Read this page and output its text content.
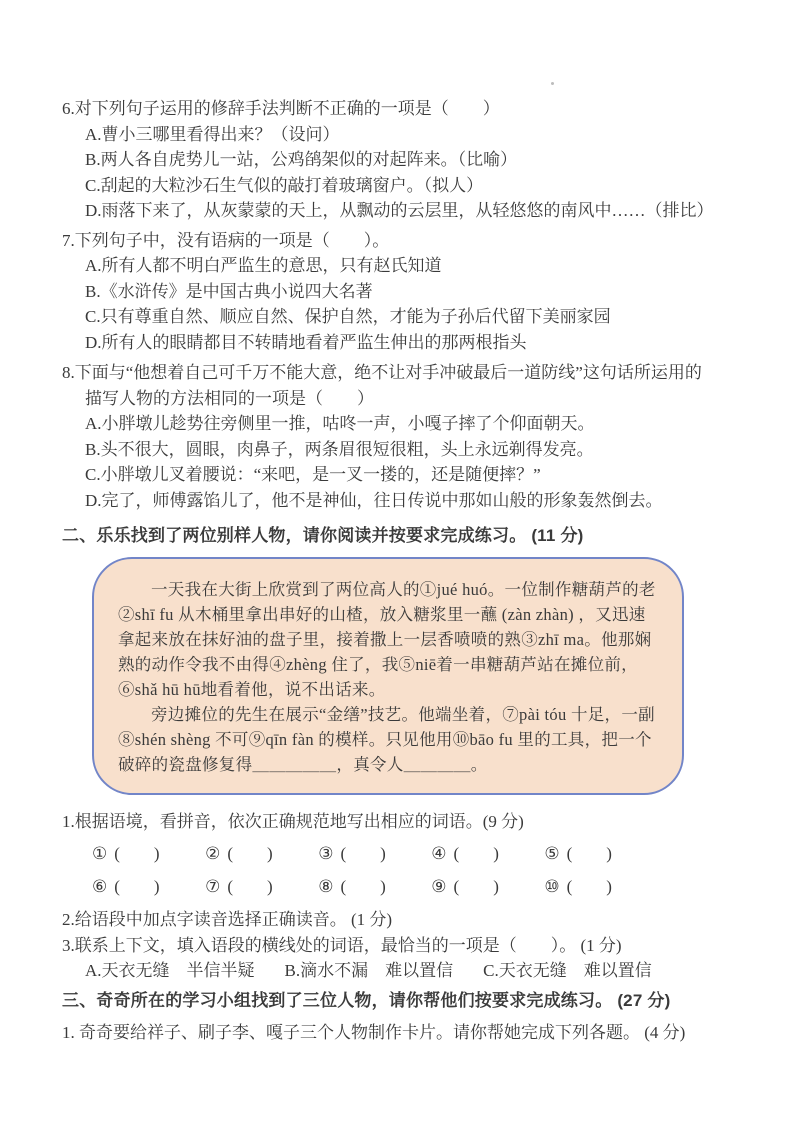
6.对下列句子运用的修辞手法判断不正确的一项是（　　）

A.曹小三哪里看得出来？（设问）

B.两人各自虎势儿一站，公鸡鹐架似的对起阵来。（比喻）

C.刮起的大粒沙石生气似的敲打着玻璃窗户。（拟人）

D.雨落下来了，从灰蒙蒙的天上，从飘动的云层里，从轻悠悠的南风中……（排比）

7.下列句子中，没有语病的一项是（　　）。

A.所有人都不明白严监生的意思，只有赵氏知道

B.《水浒传》是中国古典小说四大名著

C.只有尊重自然、顺应自然、保护自然，才能为子孙后代留下美丽家园

D.所有人的眼睛都目不转睛地看着严监生伸出的那两根指头

8.下面与“他想着自己可千万不能大意，绝不让对手冲破最后一道防线”这句话所运用的

描写人物的方法相同的一项是（　　）

A.小胖墩儿趁势往旁侧里一推，咕咚一声，小嘎子摔了个仰面朝天。

B.头不很大，圆眼，肉鼻子，两条眉很短很粗，头上永远剃得发亮。

C.小胖墩儿叉着腰说：“来吧，是一叉一搂的，还是随便摔？”

D.完了，师傅露馅儿了，他不是神仙，往日传说中那如山般的形象轰然倒去。

二、乐乐找到了两位别样人物，请你阅读并按要求完成练习。 (11 分)

一天我在大街上欣赏到了两位高人的①jué huó。一位制作糖葫芦的老②shī fu 从木桶里拿出串好的山楂，放入糖浆里一蘸 (zàn zhàn) ，又迅速拿起来放在抹好油的盘子里，接着撒上一层香喷喷的熟③zhī ma。他那娴熟的动作令我不由得④zhèng 住了，我⑤niē着一串糖葫芦站在摊位前，⑥shǎ hū hū地看着他，说不出话来。

旁边摊位的先生在展示“金缮”技艺。他端坐着，⑦pài tóu 十足，一副⑧shén shèng 不可⑨qīn fàn 的模样。只见他用⑩bāo fu 里的工具，把一个破碎的瓷盘修复得＿＿＿＿＿，真令人＿＿＿＿。

1.根据语境，看拼音，依次正确规范地写出相应的词语。(9 分)

① (　　)	② (　　)	③ (　　)	④ (　　)	⑤ (　　)
⑥ (　　)	⑦ (　　)	⑧ (　　)	⑨ (　　)	⑩ (　　)

2.给语段中加点字读音选择正确读音。 (1 分)

3.联系上下文，填入语段的横线处的词语，最恰当的一项是（　　）。 (1 分)

A.天衣无缝　半信半疑 B.滴水不漏　难以置信 C.天衣无缝　难以置信

三、奇奇所在的学习小组找到了三位人物，请你帮他们按要求完成练习。 (27 分)

1. 奇奇要给祥子、刷子李、嘎子三个人物制作卡片。请你帮她完成下列各题。 (4 分)
